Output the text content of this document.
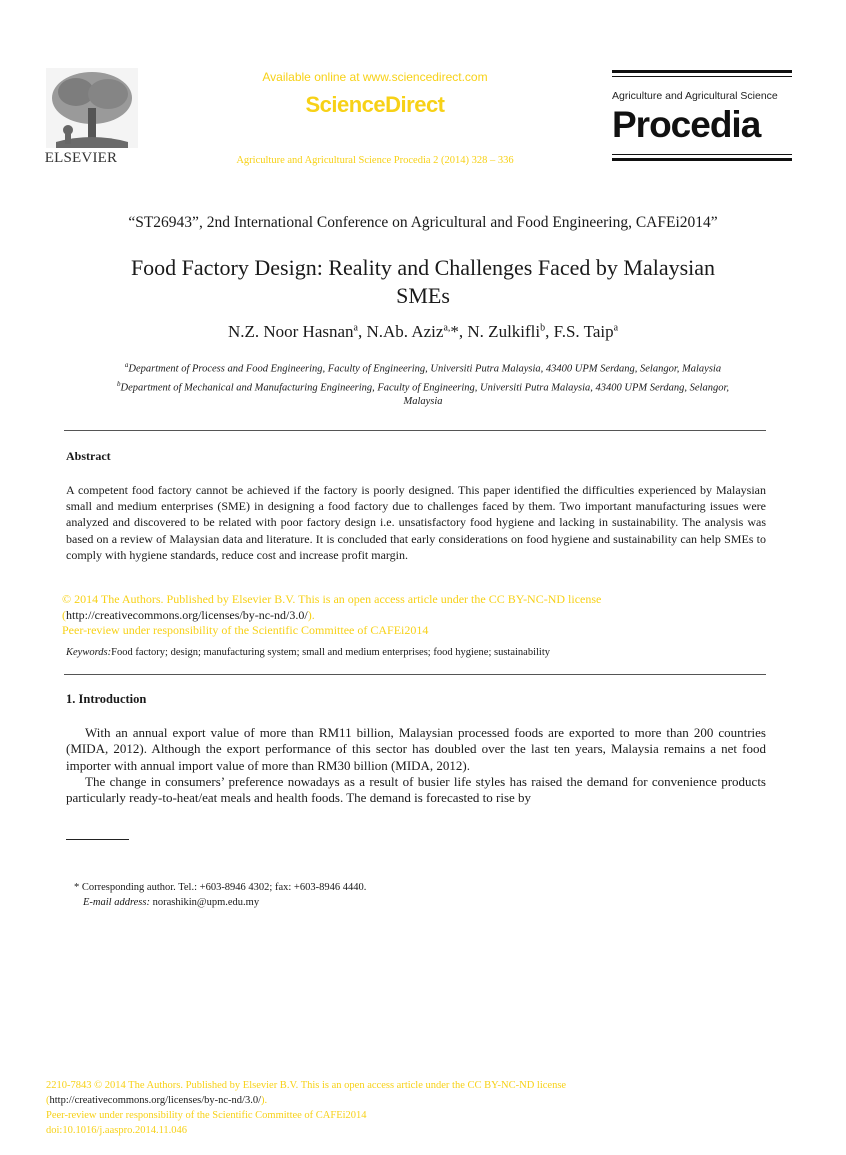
ELSEVIER
Available online at www.sciencedirect.com
ScienceDirect
Agriculture and Agricultural Science Procedia 2 (2014) 328 – 336
Agriculture and Agricultural Science
Procedia
“ST26943”, 2nd International Conference on Agricultural and Food Engineering, CAFEi2014”
Food Factory Design: Reality and Challenges Faced by Malaysian
SMEs
N.Z. Noor Hasnan$^a$, N.Ab. Aziz$^{a,}$*, N. Zulkifli$^b$, F.S. Taip$^a$
$^a$Department of Process and Food Engineering, Faculty of Engineering, Universiti Putra Malaysia, 43400 UPM Serdang, Selangor, Malaysia
$^b$Department of Mechanical and Manufacturing Engineering, Faculty of Engineering, Universiti Putra Malaysia, 43400 UPM Serdang, Selangor,
Malaysia
Abstract
A competent food factory cannot be achieved if the factory is poorly designed. This paper identified the difficulties experienced by Malaysian small and medium enterprises (SME) in designing a food factory due to challenges faced by them. Two important manufacturing issues were analyzed and discovered to be related with poor factory design i.e. unsatisfactory food hygiene and lacking in sustainability. The analysis was based on a review of Malaysian data and literature. It is concluded that early considerations on food hygiene and sustainability can help SMEs to comply with hygiene standards, reduce cost and increase profit margin.
© 2014 The Authors. Published by Elsevier B.V. This is an open access article under the CC BY-NC-ND license
(http://creativecommons.org/licenses/by-nc-nd/3.0/).
Peer-review under responsibility of the Scientific Committee of CAFEi2014
Keywords:Food factory; design; manufacturing system; small and medium enterprises; food hygiene; sustainability
1. Introduction

With an annual export value of more than RM11 billion, Malaysian processed foods are exported to more than 200 countries (MIDA, 2012). Although the export performance of this sector has doubled over the last ten years, Malaysia remains a net food importer with annual import value of more than RM30 billion (MIDA, 2012).

The change in consumers’ preference nowadays as a result of busier life styles has raised the demand for convenience products particularly ready-to-heat/eat meals and health foods. The demand is forecasted to rise by

* Corresponding author. Tel.: +603-8946 4302; fax: +603-8946 4440.
E-mail address: norashikin@upm.edu.my
2210-7843 © 2014 The Authors. Published by Elsevier B.V. This is an open access article under the CC BY-NC-ND license
(http://creativecommons.org/licenses/by-nc-nd/3.0/).
Peer-review under responsibility of the Scientific Committee of CAFEi2014
doi:10.1016/j.aaspro.2014.11.046
